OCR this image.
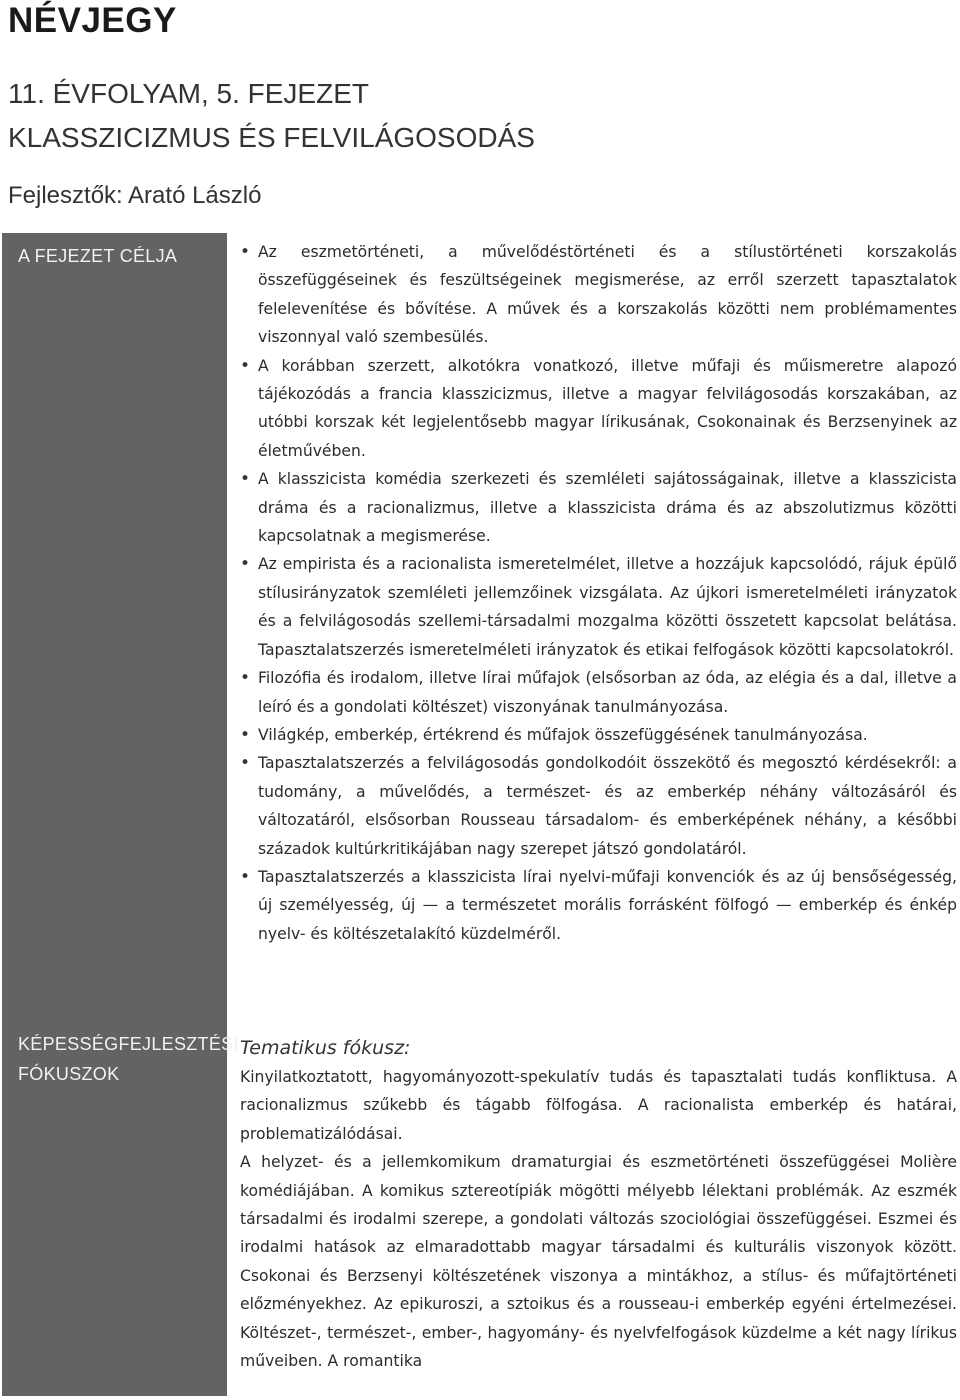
NÉVJEGY
11. ÉVFOLYAM, 5. FEJEZET
KLASSZICIZMUS ÉS FELVILÁGOSODÁS

Fejlesztők: Arató László

A FEJEZET CÉLJA
KÉPESSÉGFEJLESZTÉSI
FÓKUSZOK
• Az eszmetörténeti, a művelődéstörténeti és a stílustörténeti korszakolás összefüggéseinek és feszültségeinek megismerése, az erről szerzett tapasztalatok felelevenítése és bővítése. A művek és a korszakolás közötti nem problémamentes viszonnyal való szembesülés.
• A korábban szerzett, alkotókra vonatkozó, illetve műfaji és műismeretre alapozó tájékozódás a francia klasszicizmus, illetve a magyar felvilágosodás korszakában, az utóbbi korszak két legjelentősebb magyar lírikusának, Csokonainak és Berzsenyinek az életművében.
• A klasszicista komédia szerkezeti és szemléleti sajátosságainak, illetve a klasszicista dráma és a racionalizmus, illetve a klasszicista dráma és az abszolutizmus közötti kapcsolatnak a megismerése.
• Az empirista és a racionalista ismeretelmélet, illetve a hozzájuk kapcsolódó, rájuk épülő stílusirányzatok szemléleti jellemzőinek vizsgálata. Az újkori ismeretelméleti irányzatok és a felvilágosodás szellemi-társadalmi mozgalma közötti összetett kapcsolat belátása. Tapasztalatszerzés ismeretelméleti irányzatok és etikai felfogások közötti kapcsolatokról.
• Filozófia és irodalom, illetve lírai műfajok (elsősorban az óda, az elégia és a dal, illetve a leíró és a gondolati költészet) viszonyának tanulmányozása.
• Világkép, emberkép, értékrend és műfajok összefüggésének tanulmányozása.
• Tapasztalatszerzés a felvilágosodás gondolkodóit összekötő és megosztó kérdésekről: a tudomány, a művelődés, a természet- és az emberkép néhány változásáról és változatáról, elsősorban Rousseau társadalom- és emberképének néhány, a későbbi századok kultúrkritikájában nagy szerepet játszó gondolatáról.
• Tapasztalatszerzés a klasszicista lírai nyelvi-műfaji konvenciók és az új bensőségesség, új személyesség, új — a természetet morális forrásként fölfogó — emberkép és énkép nyelv- és költészetalakító küzdelméről.

Tematikus fókusz:

Kinyilatkoztatott, hagyományozott-spekulatív tudás és tapasztalati tudás konfliktusa. A racionalizmus szűkebb és tágabb fölfogása. A racionalista emberkép és határai, problematizálódásai.

A helyzet- és a jellemkomikum dramaturgiai és eszmetörténeti összefüggései Molière komédiájában. A komikus sztereotípiák mögötti mélyebb lélektani problémák. Az eszmék társadalmi és irodalmi szerepe, a gondolati változás szociológiai összefüggései. Eszmei és irodalmi hatások az elmaradottabb magyar társadalmi és kulturális viszonyok között. Csokonai és Berzsenyi költészetének viszonya a mintákhoz, a stílus- és műfajtörténeti előzményekhez. Az epikuroszi, a sztoikus és a rousseau-i emberkép egyéni értelmezései. Költészet-, természet-, ember-, hagyomány- és nyelvfelfogások küzdelme a két nagy lírikus műveiben. A romantika
